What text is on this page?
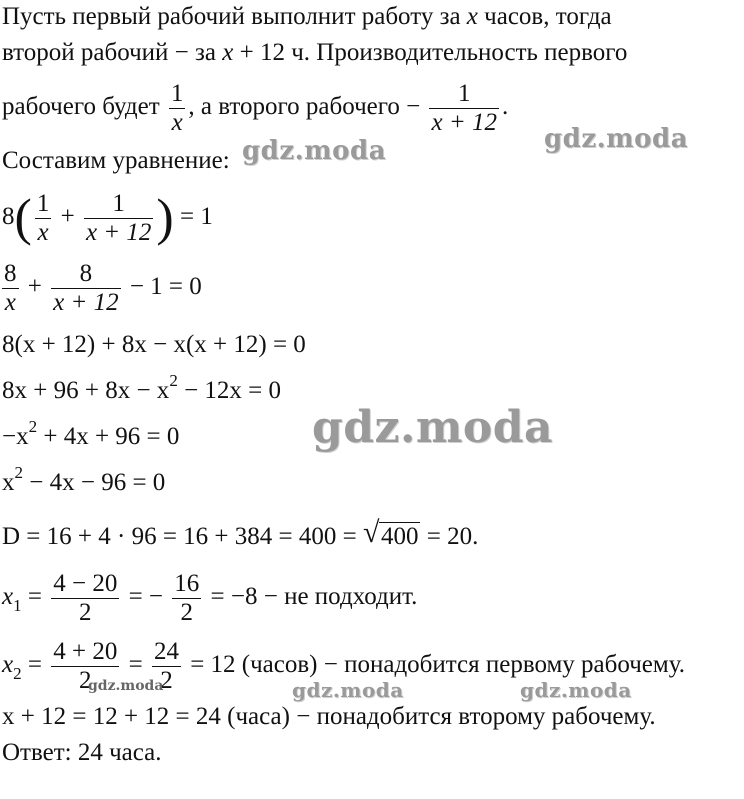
Пусть первый рабочий выполнит работу за x часов, тогда
второй рабочий − за x + 12 ч. Производительность первого
рабочего будет $\frac{1}{x}$ , а второго рабочего − $\frac{1}{x + 12}$ .
Составим уравнение:
$8( \frac{1}{x} + \frac{1}{x + 12}$ ) = 1
$\frac{8}{x} + \frac{8}{x + 12} - 1 = 0$
8(x + 12) + 8x − x(x + 12) = 0
$8x + 96 + 8x - x^2 - 12x = 0$
$-x^2 + 4x + 96 = 0$
$x^2 - 4x - 96 = 0$
D = 16 + 4 · 96 = 16 + 384 = 400 = √ 400 = 20.
$x_1 = \frac{4 - 20}{2}$ = − $\frac{16}{2} = -8$ − не подходит.
$x_2 = \frac{4 + 20}{2} = \frac{24}{2} = 12$ (часов) − понадобится первому рабочему.
x + 12 = 12 + 12 = 24 (часа) − понадобится второму рабочему.
Ответ: 24 часа.
gdz.moda	gdz.moda
gdz.moda
gdz.moda	gdz.moda	gdz.moda
